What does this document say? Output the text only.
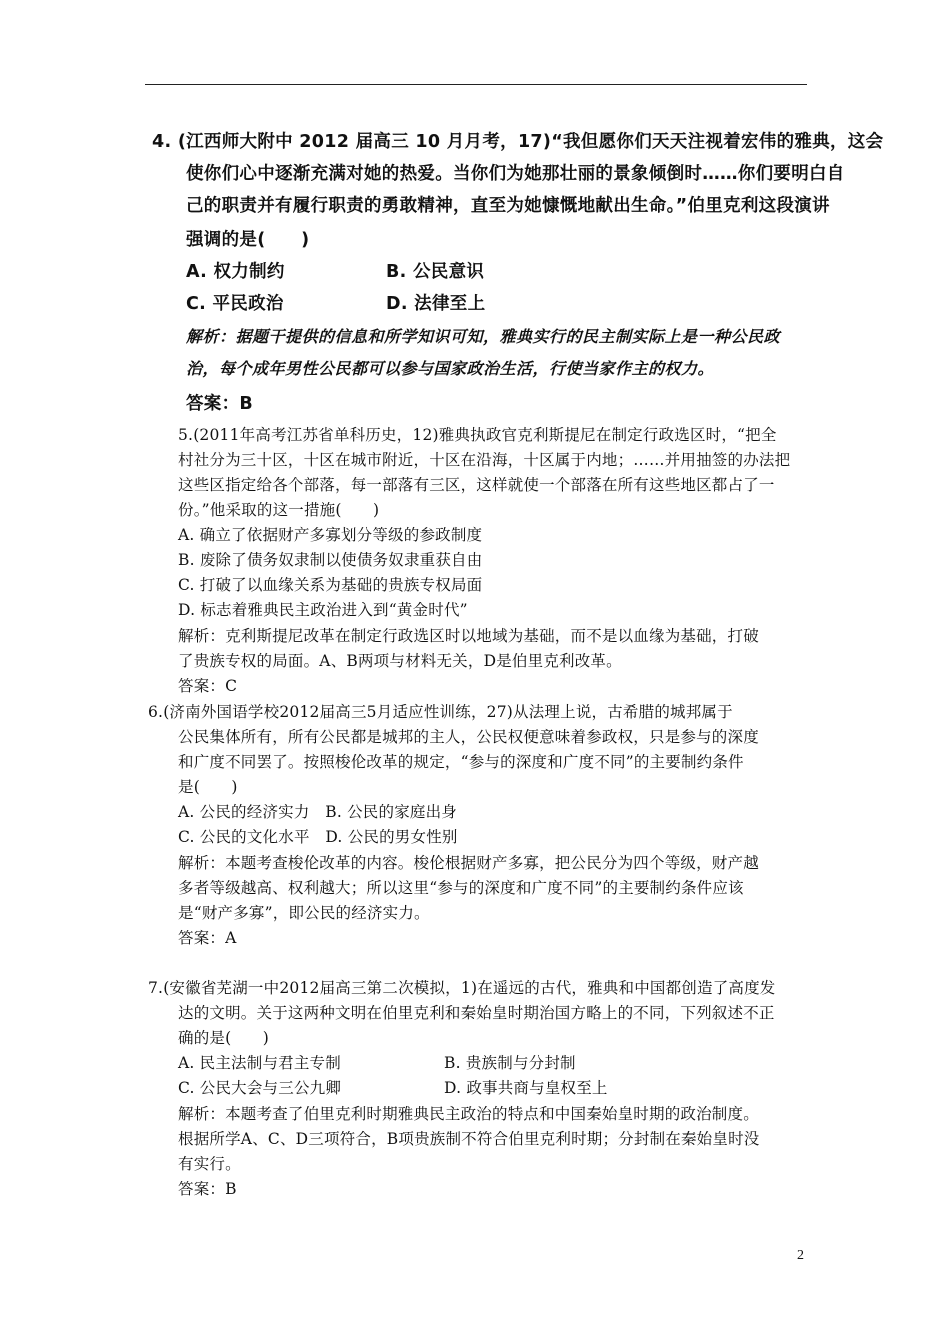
4. (江西师大附中 2012 届高三 10 月月考，17)“我但愿你们天天注视着宏伟的雅典，这会
使你们心中逐渐充满对她的热爱。当你们为她那壮丽的景象倾倒时……你们要明白自
己的职责并有履行职责的勇敢精神，直至为她慷慨地献出生命。”伯里克利这段演讲
强调的是(　　)
A. 权力制约	B. 公民意识
C. 平民政治	D. 法律至上
解析：据题干提供的信息和所学知识可知，雅典实行的民主制实际上是一种公民政
治，每个成年男性公民都可以参与国家政治生活，行使当家作主的权力。
答案：B
5.(2011年高考江苏省单科历史，12)雅典执政官克利斯提尼在制定行政选区时，“把全
村社分为三十区，十区在城市附近，十区在沿海，十区属于内地；……并用抽签的办法把
这些区指定给各个部落，每一部落有三区，这样就使一个部落在所有这些地区都占了一
份。”他采取的这一措施(　　)
A. 确立了依据财产多寡划分等级的参政制度
B. 废除了债务奴隶制以使债务奴隶重获自由
C. 打破了以血缘关系为基础的贵族专权局面
D. 标志着雅典民主政治进入到“黄金时代”
解析：克利斯提尼改革在制定行政选区时以地域为基础，而不是以血缘为基础，打破
了贵族专权的局面。A、B两项与材料无关，D是伯里克利改革。
答案：C
6.(济南外国语学校2012届高三5月适应性训练，27)从法理上说，古希腊的城邦属于
公民集体所有，所有公民都是城邦的主人，公民权便意味着参政权，只是参与的深度
和广度不同罢了。按照梭伦改革的规定，“参与的深度和广度不同”的主要制约条件
是(　　)
A. 公民的经济实力　B. 公民的家庭出身
C. 公民的文化水平　D. 公民的男女性别
解析：本题考查梭伦改革的内容。梭伦根据财产多寡，把公民分为四个等级，财产越
多者等级越高、权利越大；所以这里“参与的深度和广度不同”的主要制约条件应该
是“财产多寡”，即公民的经济实力。
答案：A
7.(安徽省芜湖一中2012届高三第二次模拟，1)在遥远的古代，雅典和中国都创造了高度发
达的文明。关于这两种文明在伯里克利和秦始皇时期治国方略上的不同，下列叙述不正
确的是(　　)
A. 民主法制与君主专制	B. 贵族制与分封制
C. 公民大会与三公九卿	D. 政事共商与皇权至上
解析：本题考查了伯里克利时期雅典民主政治的特点和中国秦始皇时期的政治制度。
根据所学A、C、D三项符合，B项贵族制不符合伯里克利时期；分封制在秦始皇时没
有实行。
答案：B
2
